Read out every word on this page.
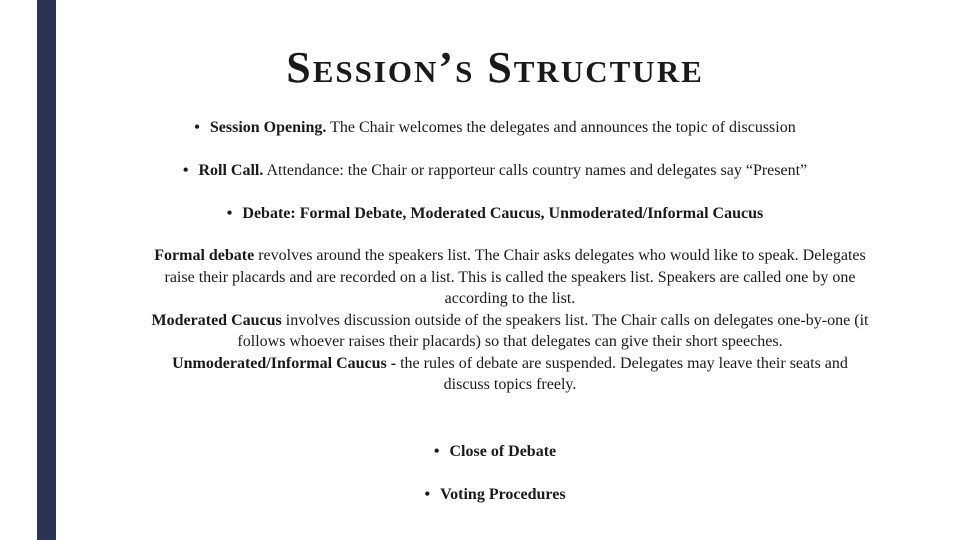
Session’s Structure
• Session Opening. The Chair welcomes the delegates and announces the topic of discussion
• Roll Call. Attendance: the Chair or rapporteur calls country names and delegates say “Present”
• Debate: Formal Debate, Moderated Caucus, Unmoderated/Informal Caucus

Formal debate revolves around the speakers list. The Chair asks delegates who would like to speak. Delegates raise their placards and are recorded on a list. This is called the speakers list. Speakers are called one by one according to the list.

Moderated Caucus involves discussion outside of the speakers list. The Chair calls on delegates one-by-one (it follows whoever raises their placards) so that delegates can give their short speeches.

Unmoderated/Informal Caucus - the rules of debate are suspended. Delegates may leave their seats and discuss topics freely.

• Close of Debate
• Voting Procedures
